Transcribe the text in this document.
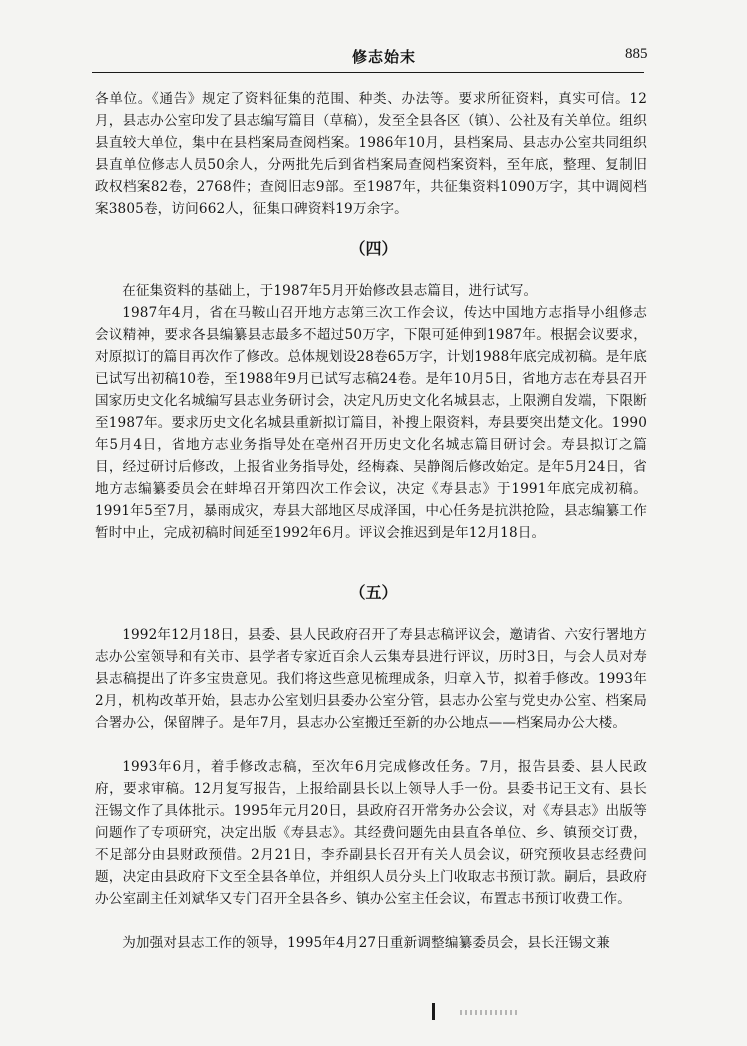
修志始末	885
各单位。《通告》规定了资料征集的范围、种类、办法等。要求所征资料，真实可信。12月，县志办公室印发了县志编写篇目（草稿），发至全县各区（镇）、公社及有关单位。组织县直较大单位，集中在县档案局查阅档案。1986年10月，县档案局、县志办公室共同组织县直单位修志人员50余人，分两批先后到省档案局查阅档案资料，至年底，整理、复制旧政权档案82卷，2768件；查阅旧志9部。至1987年，共征集资料1090万字，其中调阅档案3805卷，访问662人，征集口碑资料19万余字。
（四）
在征集资料的基础上，于1987年5月开始修改县志篇目，进行试写。
1987年4月，省在马鞍山召开地方志第三次工作会议，传达中国地方志指导小组修志会议精神，要求各县编纂县志最多不超过50万字，下限可延伸到1987年。根据会议要求，对原拟订的篇目再次作了修改。总体规划设28卷65万字，计划1988年底完成初稿。是年底已试写出初稿10卷，至1988年9月已试写志稿24卷。是年10月5日，省地方志在寿县召开国家历史文化名城编写县志业务研讨会，决定凡历史文化名城县志，上限溯自发端，下限断至1987年。要求历史文化名城县重新拟订篇目，补搜上限资料，寿县要突出楚文化。1990年5月4日，省地方志业务指导处在亳州召开历史文化名城志篇目研讨会。寿县拟订之篇目，经过研讨后修改，上报省业务指导处，经梅森、吴静阁后修改始定。是年5月24日，省地方志编纂委员会在蚌埠召开第四次工作会议，决定《寿县志》于1991年底完成初稿。1991年5至7月，暴雨成灾，寿县大部地区尽成泽国，中心任务是抗洪抢险，县志编纂工作暂时中止，完成初稿时间延至1992年6月。评议会推迟到是年12月18日。
（五）
1992年12月18日，县委、县人民政府召开了寿县志稿评议会，邀请省、六安行署地方志办公室领导和有关市、县学者专家近百余人云集寿县进行评议，历时3日，与会人员对寿县志稿提出了许多宝贵意见。我们将这些意见梳理成条，归章入节，拟着手修改。1993年2月，机构改革开始，县志办公室划归县委办公室分管，县志办公室与党史办公室、档案局合署办公，保留牌子。是年7月，县志办公室搬迁至新的办公地点——档案局办公大楼。
1993年6月，着手修改志稿，至次年6月完成修改任务。7月，报告县委、县人民政府，要求审稿。12月复写报告，上报给副县长以上领导人手一份。县委书记王文有、县长汪锡文作了具体批示。1995年元月20日，县政府召开常务办公会议，对《寿县志》出版等问题作了专项研究，决定出版《寿县志》。其经费问题先由县直各单位、乡、镇预交订费，不足部分由县财政预借。2月21日，李乔副县长召开有关人员会议，研究预收县志经费问题，决定由县政府下文至全县各单位，并组织人员分头上门收取志书预订款。嗣后，县政府办公室副主任刘斌华又专门召开全县各乡、镇办公室主任会议，布置志书预订收费工作。
为加强对县志工作的领导，1995年4月27日重新调整编纂委员会，县长汪锡文兼
